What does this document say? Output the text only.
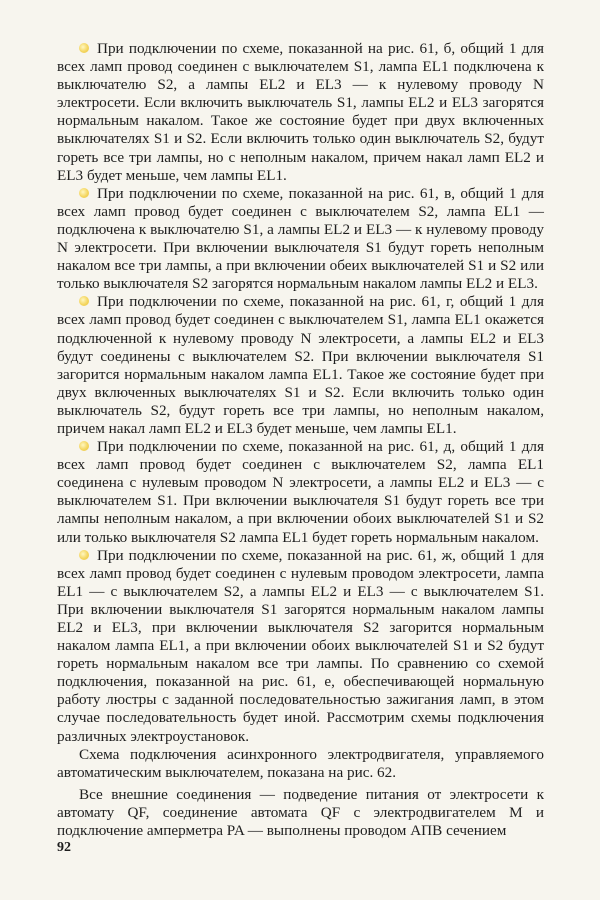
При подключении по схеме, показанной на рис. 61, б, общий 1 для всех ламп провод соединен с выключателем S1, лампа EL1 подключена к выключателю S2, а лампы EL2 и EL3 — к нулевому проводу N электросети. Если включить выключатель S1, лампы EL2 и EL3 загорятся нормальным накалом. Такое же состояние будет при двух включенных выключателях S1 и S2. Если включить только один выключатель S2, будут гореть все три лампы, но с неполным накалом, причем накал ламп EL2 и EL3 будет меньше, чем лампы EL1.

При подключении по схеме, показанной на рис. 61, в, общий 1 для всех ламп провод будет соединен с выключателем S2, лампа EL1 — подключена к выключателю S1, а лампы EL2 и EL3 — к нулевому проводу N электросети. При включении выключателя S1 будут гореть неполным накалом все три лампы, а при включении обеих выключателей S1 и S2 или только выключателя S2 загорятся нормальным накалом лампы EL2 и EL3.

При подключении по схеме, показанной на рис. 61, г, общий 1 для всех ламп провод будет соединен с выключателем S1, лампа EL1 окажется подключенной к нулевому проводу N электросети, а лампы EL2 и EL3 будут соединены с выключателем S2. При включении выключателя S1 загорится нормальным накалом лампа EL1. Такое же состояние будет при двух включенных выключателях S1 и S2. Если включить только один выключатель S2, будут гореть все три лампы, но неполным накалом, причем накал ламп EL2 и EL3 будет меньше, чем лампы EL1.

При подключении по схеме, показанной на рис. 61, д, общий 1 для всех ламп провод будет соединен с выключателем S2, лампа EL1 соединена с нулевым проводом N электросети, а лампы EL2 и EL3 — с выключателем S1. При включении выключателя S1 будут гореть все три лампы неполным накалом, а при включении обоих выключателей S1 и S2 или только выключателя S2 лампа EL1 будет гореть нормальным накалом.

При подключении по схеме, показанной на рис. 61, ж, общий 1 для всех ламп провод будет соединен с нулевым проводом электросети, лампа EL1 — с выключателем S2, а лампы EL2 и EL3 — с выключателем S1. При включении выключателя S1 загорятся нормальным накалом лампы EL2 и EL3, при включении выключателя S2 загорится нормальным накалом лампа EL1, а при включении обоих выключателей S1 и S2 будут гореть нормальным накалом все три лампы. По сравнению со схемой подключения, показанной на рис. 61, е, обеспечивающей нормальную работу люстры с заданной последовательностью зажигания ламп, в этом случае последовательность будет иной. Рассмотрим схемы подключения различных электроустановок.

Схема подключения асинхронного электродвигателя, управляемого автоматическим выключателем, показана на рис. 62.

Все внешние соединения — подведение питания от электросети к автомату QF, соединение автомата QF с электродвигателем M и подключение амперметра PA — выполнены проводом АПВ сечением

92
